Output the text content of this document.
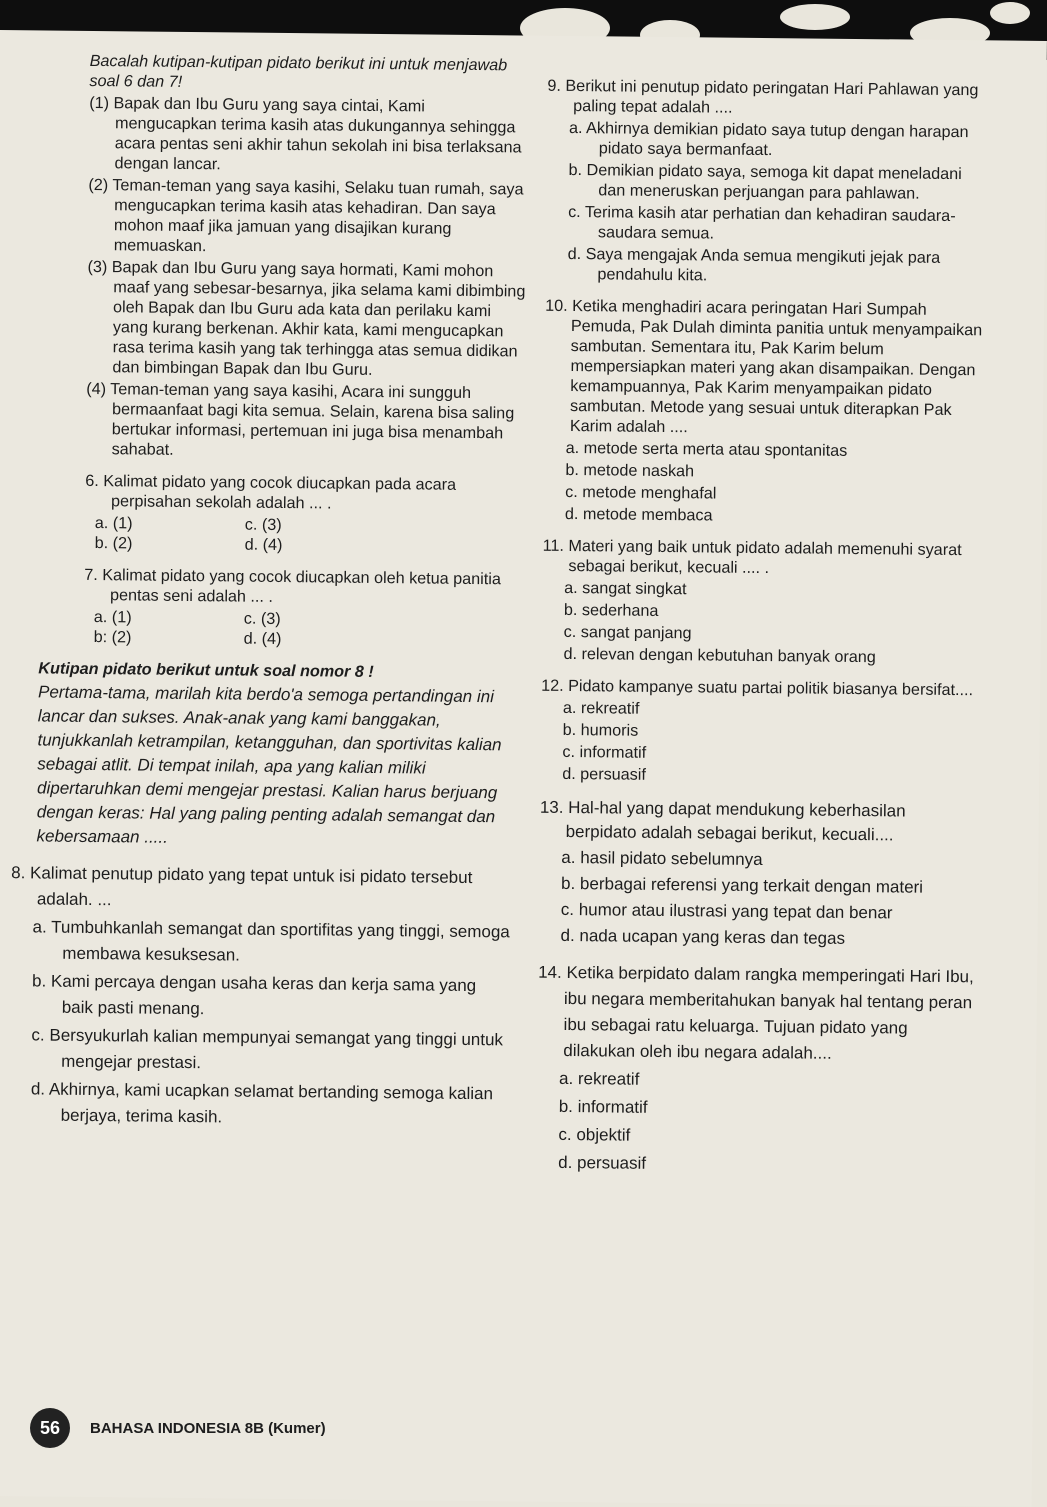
Bacalah kutipan-kutipan pidato berikut ini untuk menjawab soal 6 dan 7!

(1) Bapak dan Ibu Guru yang saya cintai, Kami mengucapkan terima kasih atas dukungannya sehingga acara pentas seni akhir tahun sekolah ini bisa terlaksana dengan lancar.

(2) Teman-teman yang saya kasihi, Selaku tuan rumah, saya mengucapkan terima kasih atas kehadiran. Dan saya mohon maaf jika jamuan yang disajikan kurang memuaskan.

(3) Bapak dan Ibu Guru yang saya hormati, Kami mohon maaf yang sebesar-besarnya, jika selama kami dibimbing oleh Bapak dan Ibu Guru ada kata dan perilaku kami yang kurang berkenan. Akhir kata, kami mengucapkan rasa terima kasih yang tak terhingga atas semua didikan dan bimbingan Bapak dan Ibu Guru.

(4) Teman-teman yang saya kasihi, Acara ini sungguh bermaanfaat bagi kita semua. Selain, karena bisa saling bertukar informasi, pertemuan ini juga bisa menambah sahabat.

6. Kalimat pidato yang cocok diucapkan pada acara perpisahan sekolah adalah ... .

a. (1)	c. (3)
b. (2)	d. (4)

7. Kalimat pidato yang cocok diucapkan oleh ketua panitia pentas seni adalah ... .

a. (1)	c. (3)
b: (2)	d. (4)

Kutipan pidato berikut untuk soal nomor 8 !

Pertama-tama, marilah kita berdo'a semoga pertandingan ini lancar dan sukses. Anak-anak yang kami banggakan, tunjukkanlah ketrampilan, ketangguhan, dan sportivitas kalian sebagai atlit. Di tempat inilah, apa yang kalian miliki dipertaruhkan demi mengejar prestasi. Kalian harus berjuang dengan keras: Hal yang paling penting adalah semangat dan kebersamaan .....

8. Kalimat penutup pidato yang tepat untuk isi pidato tersebut adalah. ...

a. Tumbuhkanlah semangat dan sportifitas yang tinggi, semoga membawa kesuksesan.
b. Kami percaya dengan usaha keras dan kerja sama yang baik pasti menang.
c. Bersyukurlah kalian mempunyai semangat yang tinggi untuk mengejar prestasi.
d. Akhirnya, kami ucapkan selamat bertanding semoga kalian berjaya, terima kasih.

9. Berikut ini penutup pidato peringatan Hari Pahlawan yang paling tepat adalah ....

a. Akhirnya demikian pidato saya tutup dengan harapan pidato saya bermanfaat.
b. Demikian pidato saya, semoga kit dapat meneladani dan meneruskan perjuangan para pahlawan.
c. Terima kasih atar perhatian dan kehadiran saudara-saudara semua.
d. Saya mengajak Anda semua mengikuti jejak para pendahulu kita.

10. Ketika menghadiri acara peringatan Hari Sumpah Pemuda, Pak Dulah diminta panitia untuk menyampaikan sambutan. Sementara itu, Pak Karim belum mempersiapkan materi yang akan disampaikan. Dengan kemampuannya, Pak Karim menyampaikan pidato sambutan. Metode yang sesuai untuk diterapkan Pak Karim adalah ....

a. metode serta merta atau spontanitas
b. metode naskah
c. metode menghafal
d. metode membaca

11. Materi yang baik untuk pidato adalah memenuhi syarat sebagai berikut, kecuali .... .

a. sangat singkat
b. sederhana
c. sangat panjang
d. relevan dengan kebutuhan banyak orang

12. Pidato kampanye suatu partai politik biasanya bersifat....

a. rekreatif
b. humoris
c. informatif
d. persuasif

13. Hal-hal yang dapat mendukung keberhasilan berpidato adalah sebagai berikut, kecuali....

a. hasil pidato sebelumnya
b. berbagai referensi yang terkait dengan materi
c. humor atau ilustrasi yang tepat dan benar
d. nada ucapan yang keras dan tegas

14. Ketika berpidato dalam rangka memperingati Hari Ibu, ibu negara memberitahukan banyak hal tentang peran ibu sebagai ratu keluarga. Tujuan pidato yang dilakukan oleh ibu negara adalah....

a. rekreatif
b. informatif
c. objektif
d. persuasif
56	BAHASA INDONESIA 8B (Kumer)
